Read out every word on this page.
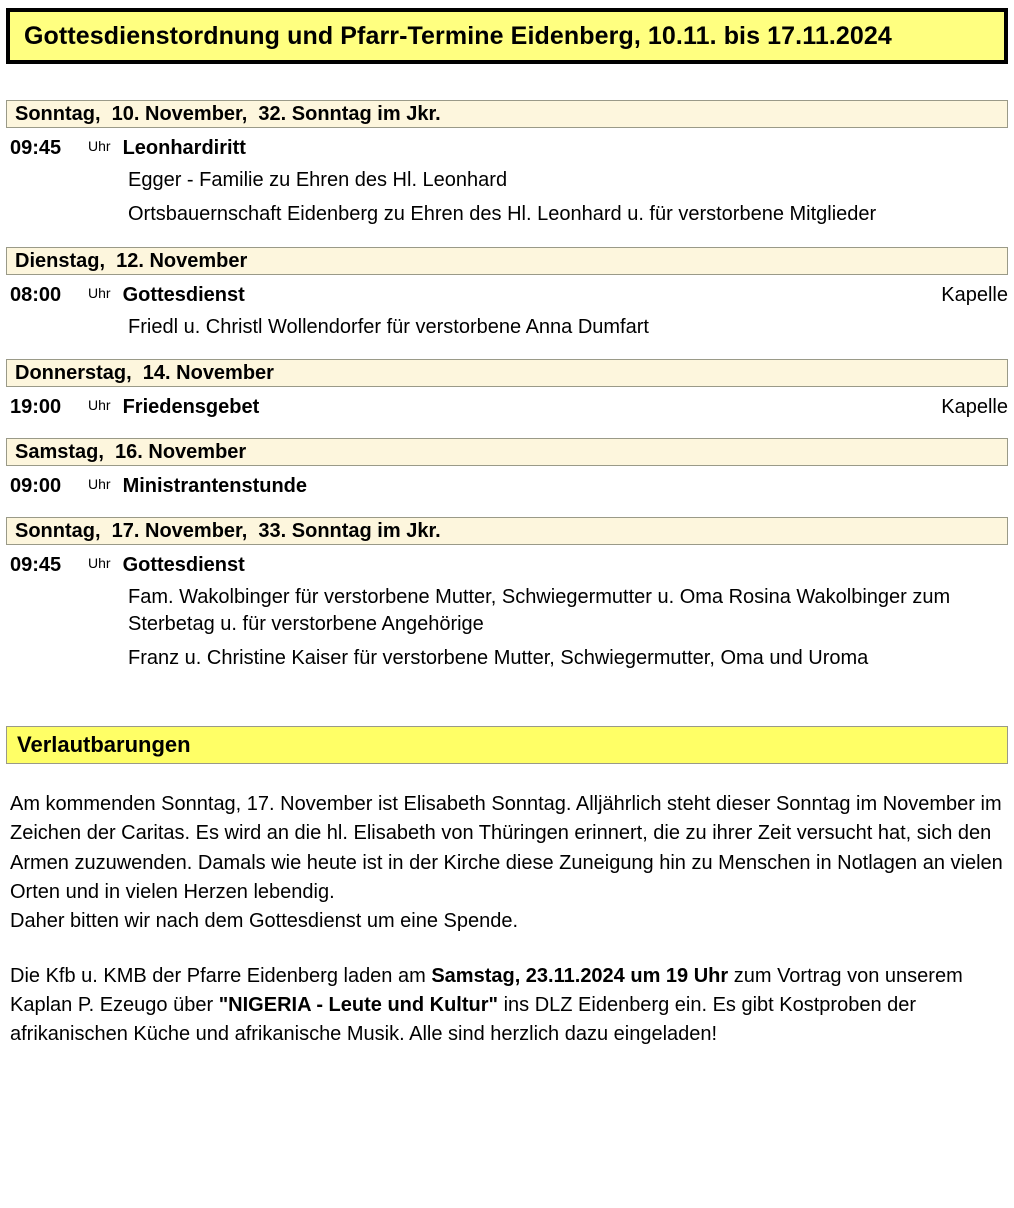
Gottesdienstordnung und Pfarr-Termine Eidenberg, 10.11. bis 17.11.2024
Sonntag,  10. November,  32. Sonntag im Jkr.
09:45	Uhr Leonhardiritt
Egger - Familie zu Ehren des Hl. Leonhard
Ortsbauernschaft Eidenberg zu Ehren des Hl. Leonhard u. für verstorbene Mitglieder
Dienstag,  12. November
08:00	Uhr Gottesdienst	Kapelle
Friedl u. Christl Wollendorfer für verstorbene Anna Dumfart
Donnerstag,  14. November
19:00	Uhr Friedensgebet	Kapelle
Samstag,  16. November
09:00	Uhr Ministrantenstunde
Sonntag,  17. November,  33. Sonntag im Jkr.
09:45	Uhr Gottesdienst
Fam. Wakolbinger für verstorbene Mutter, Schwiegermutter u. Oma Rosina Wakolbinger zum Sterbetag u. für verstorbene Angehörige
Franz u. Christine Kaiser für verstorbene Mutter, Schwiegermutter, Oma und Uroma
Verlautbarungen

Am kommenden Sonntag, 17. November ist Elisabeth Sonntag. Alljährlich steht dieser Sonntag im November im Zeichen der Caritas. Es wird an die hl. Elisabeth von Thüringen erinnert, die zu ihrer Zeit versucht hat, sich den Armen zuzuwenden. Damals wie heute ist in der Kirche diese Zuneigung hin zu Menschen in Notlagen an vielen Orten und in vielen Herzen lebendig.
Daher bitten wir nach dem Gottesdienst um eine Spende.

Die Kfb u. KMB der Pfarre Eidenberg laden am Samstag, 23.11.2024 um 19 Uhr zum Vortrag von unserem Kaplan P. Ezeugo über "NIGERIA - Leute und Kultur" ins DLZ Eidenberg ein. Es gibt Kostproben der afrikanischen Küche und afrikanische Musik. Alle sind herzlich dazu eingeladen!
